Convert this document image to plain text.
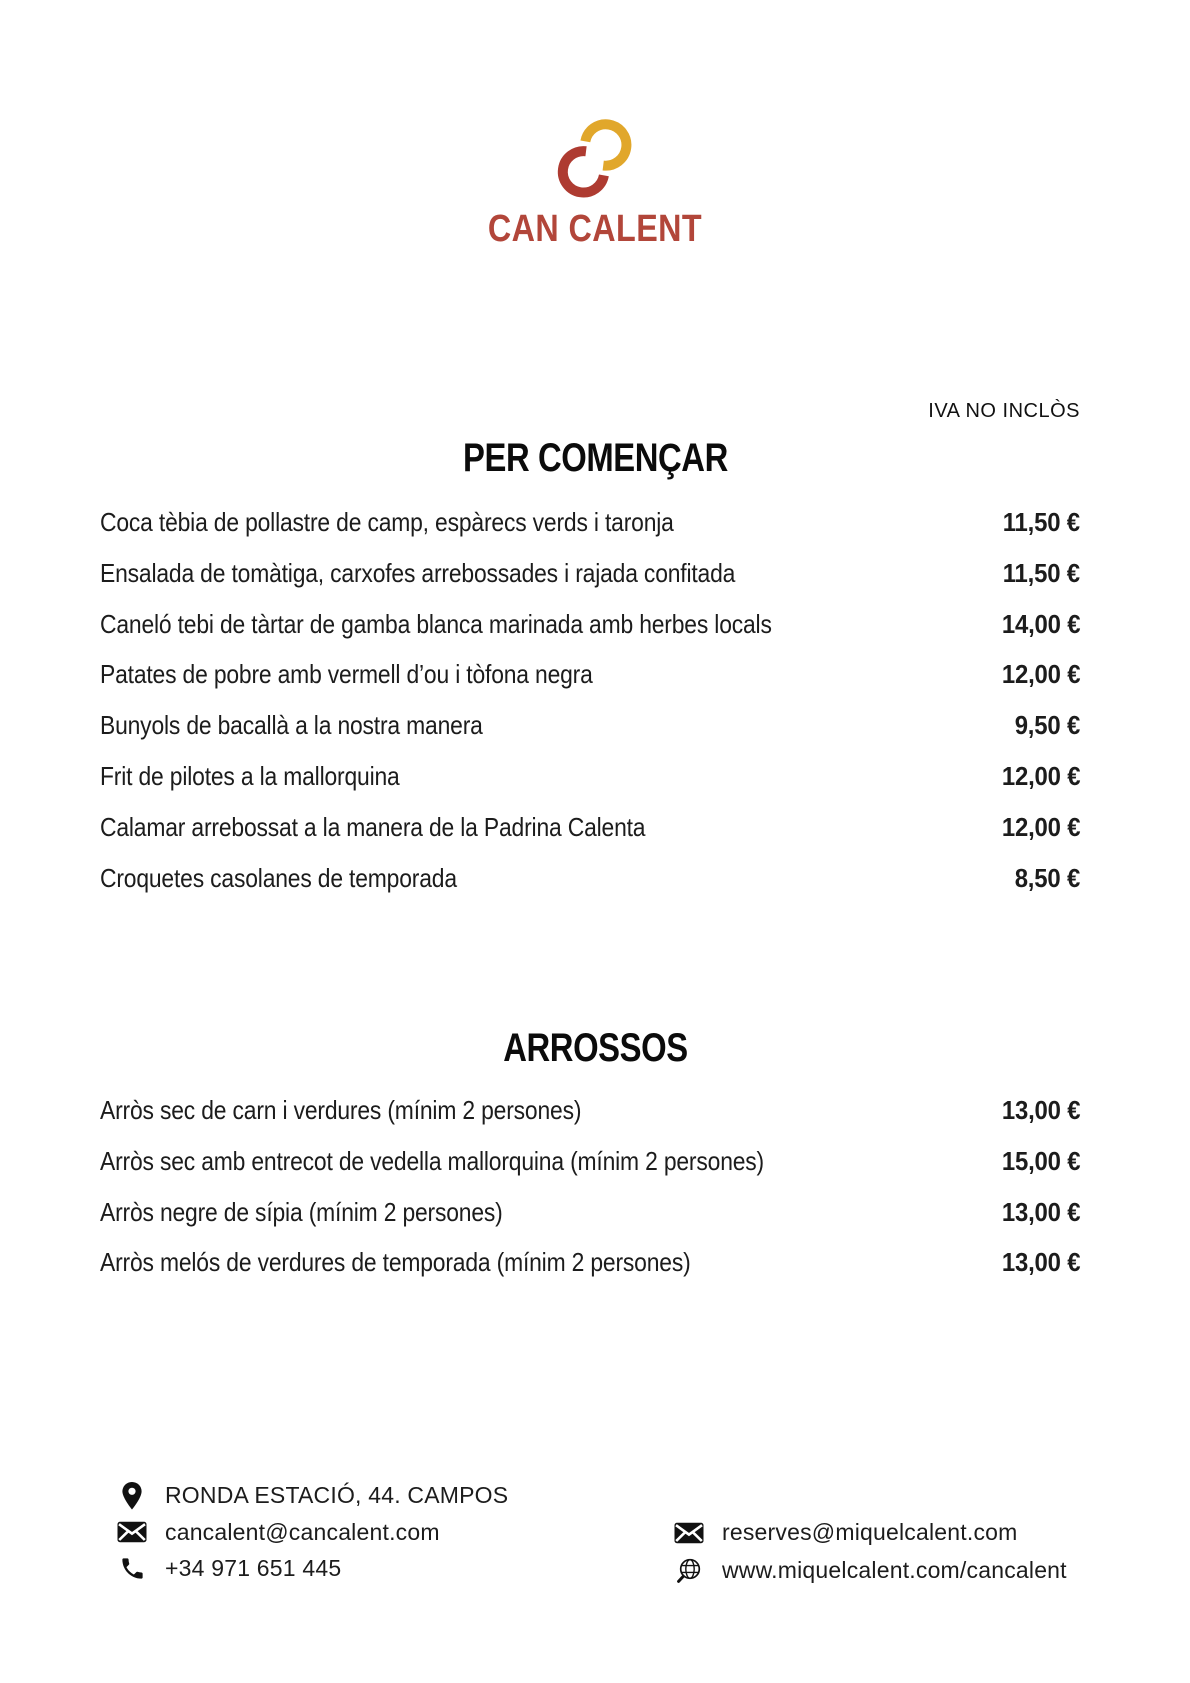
CAN CALENT
IVA NO INCLÒS
PER COMENÇAR
Coca tèbia de pollastre de camp, espàrecs verds i taronja	11,50 €
Ensalada de tomàtiga, carxofes arrebossades i rajada confitada	11,50 €
Caneló tebi de tàrtar de gamba blanca marinada amb herbes locals	14,00 €
Patates de pobre amb vermell d’ou i tòfona negra	12,00 €
Bunyols de bacallà a la nostra manera	9,50 €
Frit de pilotes a la mallorquina	12,00 €
Calamar arrebossat a la manera de la Padrina Calenta	12,00 €
Croquetes casolanes de temporada	8,50 €
ARROSSOS
Arròs sec de carn i verdures (mínim 2 persones)	13,00 €
Arròs sec amb entrecot de vedella mallorquina (mínim 2 persones)	15,00 €
Arròs negre de sípia (mínim 2 persones)	13,00 €
Arròs melós de verdures de temporada (mínim 2 persones)	13,00 €
RONDA ESTACIÓ, 44. CAMPOS
cancalent@cancalent.com
+34 971 651 445
reserves@miquelcalent.com
www.miquelcalent.com/cancalent
